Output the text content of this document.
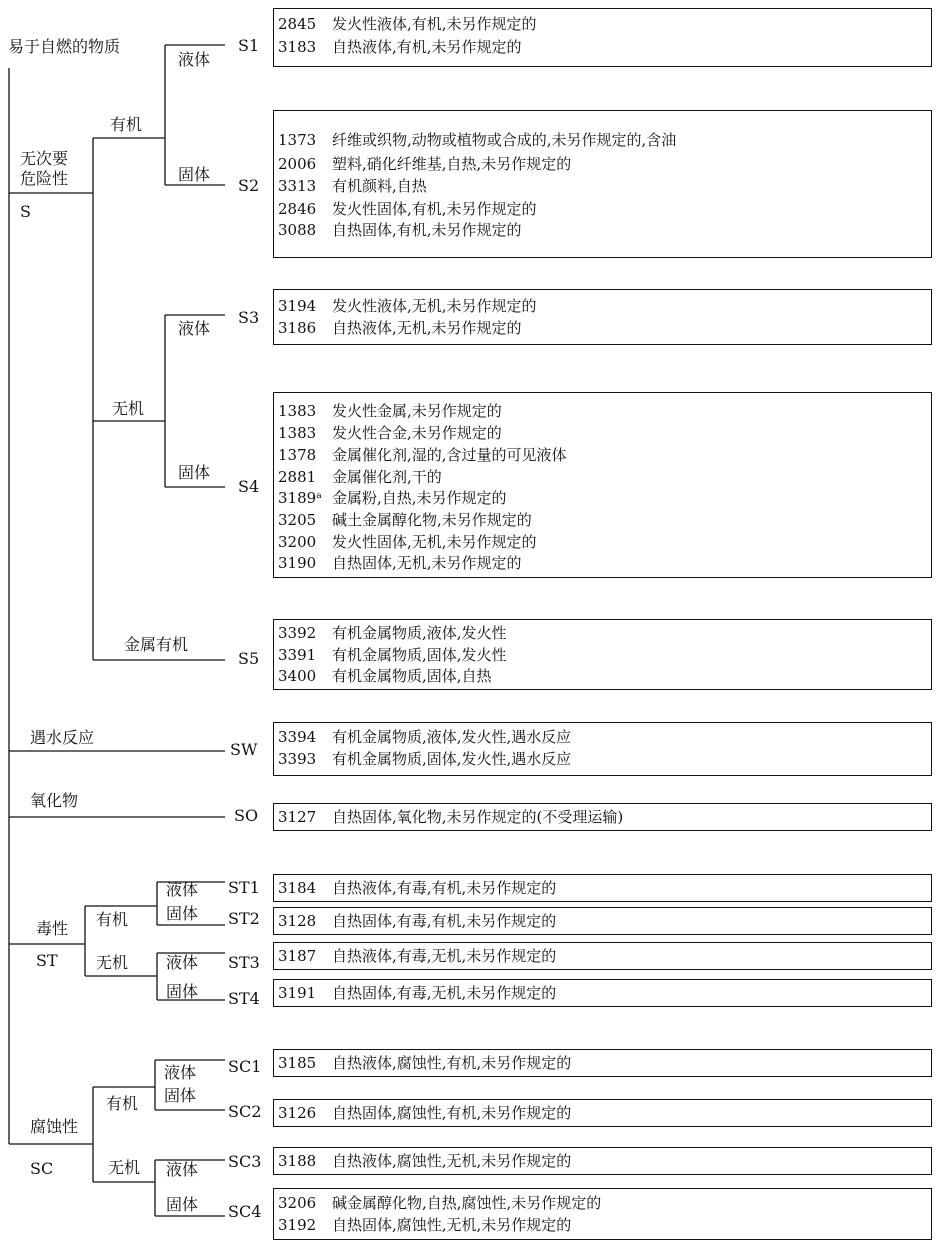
易于自燃的物质
无次要
危险性
S
有机
液体
固体
无机
液体
固体
金属有机
遇水反应
氧化物
毒性
ST
有机
无机
液体
固体
液体
固体
腐蚀性
SC
有机
无机
液体
固体
液体
固体
S1
S2
S3
S4
S5
SW
SO
ST1
ST2
ST3
ST4
SC1
SC2
SC3
SC4
2845 发火性液体,有机,未另作规定的
3183 自热液体,有机,未另作规定的
1373 纤维或织物,动物或植物或合成的,未另作规定的,含油
2006 塑料,硝化纤维基,自热,未另作规定的
3313 有机颜料,自热
2846 发火性固体,有机,未另作规定的
3088 自热固体,有机,未另作规定的
3194 发火性液体,无机,未另作规定的
3186 自热液体,无机,未另作规定的
1383 发火性金属,未另作规定的
1383 发火性合金,未另作规定的
1378 金属催化剂,湿的,含过量的可见液体
2881 金属催化剂,干的
3189ᵃ 金属粉,自热,未另作规定的
3205 碱土金属醇化物,未另作规定的
3200 发火性固体,无机,未另作规定的
3190 自热固体,无机,未另作规定的
3392 有机金属物质,液体,发火性
3391 有机金属物质,固体,发火性
3400 有机金属物质,固体,自热
3394 有机金属物质,液体,发火性,遇水反应
3393 有机金属物质,固体,发火性,遇水反应
3127 自热固体,氧化物,未另作规定的(不受理运输)
3184 自热液体,有毒,有机,未另作规定的
3128 自热固体,有毒,有机,未另作规定的
3187 自热液体,有毒,无机,未另作规定的
3191 自热固体,有毒,无机,未另作规定的
3185 自热液体,腐蚀性,有机,未另作规定的
3126 自热固体,腐蚀性,有机,未另作规定的
3188 自热液体,腐蚀性,无机,未另作规定的
3206 碱金属醇化物,自热,腐蚀性,未另作规定的
3192 自热固体,腐蚀性,无机,未另作规定的
